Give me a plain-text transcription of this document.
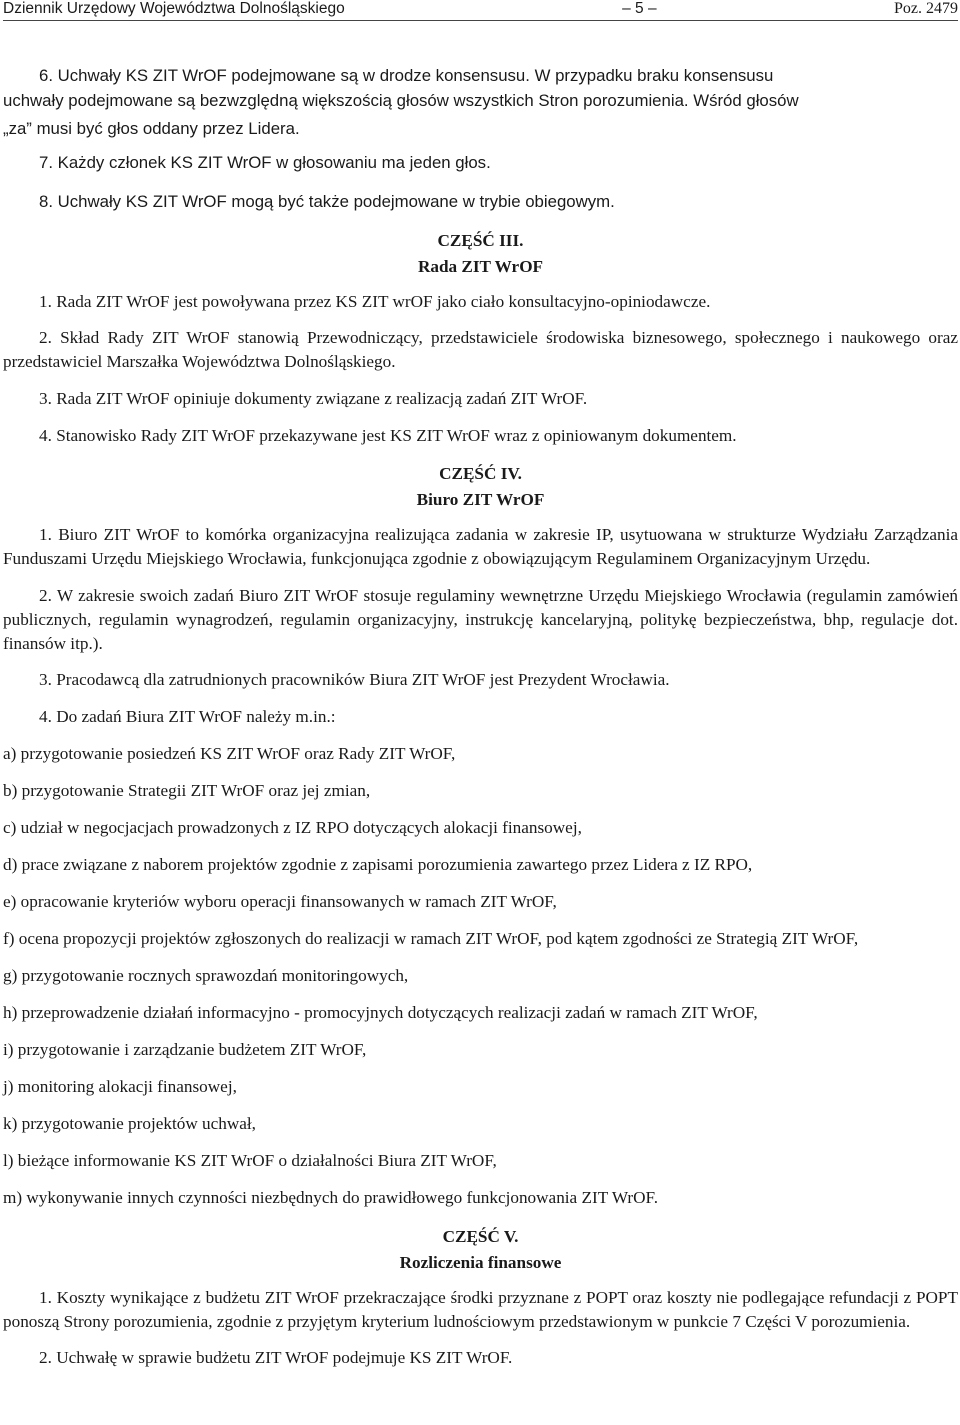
Dziennik Urzędowy Województwa Dolnośląskiego	– 5 –	Poz. 2479

6. Uchwały KS ZIT WrOF podejmowane są w drodze konsensusu. W przypadku braku konsensusu

uchwały podejmowane są bezwzględną większością głosów wszystkich Stron porozumienia. Wśród głosów

„za” musi być głos oddany przez Lidera.

7. Każdy członek KS ZIT WrOF w głosowaniu ma jeden głos.

8. Uchwały KS ZIT WrOF mogą być także podejmowane w trybie obiegowym.

CZĘŚĆ III.

Rada ZIT WrOF

1. Rada ZIT WrOF jest powoływana przez KS ZIT wrOF jako ciało konsultacyjno-opiniodawcze.

2. Skład Rady ZIT WrOF stanowią Przewodniczący, przedstawiciele środowiska biznesowego, społecznego i naukowego oraz przedstawiciel Marszałka Województwa Dolnośląskiego.

3. Rada ZIT WrOF opiniuje dokumenty związane z realizacją zadań ZIT WrOF.

4. Stanowisko Rady ZIT WrOF przekazywane jest KS ZIT WrOF wraz z opiniowanym dokumentem.

CZĘŚĆ IV.

Biuro ZIT WrOF

1. Biuro ZIT WrOF to komórka organizacyjna realizująca zadania w zakresie IP, usytuowana w strukturze Wydziału Zarządzania Funduszami Urzędu Miejskiego Wrocławia, funkcjonująca zgodnie z obowiązującym Regulaminem Organizacyjnym Urzędu.

2. W zakresie swoich zadań Biuro ZIT WrOF stosuje regulaminy wewnętrzne Urzędu Miejskiego Wrocławia (regulamin zamówień publicznych, regulamin wynagrodzeń, regulamin organizacyjny, instrukcję kancelaryjną, politykę bezpieczeństwa, bhp, regulacje dot. finansów itp.).

3. Pracodawcą dla zatrudnionych pracowników Biura ZIT WrOF jest Prezydent Wrocławia.

4. Do zadań Biura ZIT WrOF należy m.in.:

a) przygotowanie posiedzeń KS ZIT WrOF oraz Rady ZIT WrOF,

b) przygotowanie Strategii ZIT WrOF oraz jej zmian,

c) udział w negocjacjach prowadzonych z IZ RPO dotyczących alokacji finansowej,

d) prace związane z naborem projektów zgodnie z zapisami porozumienia zawartego przez Lidera z IZ RPO,

e) opracowanie kryteriów wyboru operacji finansowanych w ramach ZIT WrOF,

f) ocena propozycji projektów zgłoszonych do realizacji w ramach ZIT WrOF, pod kątem zgodności ze Strategią ZIT WrOF,

g) przygotowanie rocznych sprawozdań monitoringowych,

h) przeprowadzenie działań informacyjno - promocyjnych dotyczących realizacji zadań w ramach ZIT WrOF,

i) przygotowanie i zarządzanie budżetem ZIT WrOF,

j) monitoring alokacji finansowej,

k) przygotowanie projektów uchwał,

l) bieżące informowanie KS ZIT WrOF o działalności Biura ZIT WrOF,

m) wykonywanie innych czynności niezbędnych do prawidłowego funkcjonowania ZIT WrOF.

CZĘŚĆ V.

Rozliczenia finansowe

1. Koszty wynikające z budżetu ZIT WrOF przekraczające środki przyznane z POPT oraz koszty nie podlegające refundacji z POPT ponoszą Strony porozumienia, zgodnie z przyjętym kryterium ludnościowym przedstawionym w punkcie 7 Części V porozumienia.

2. Uchwałę w sprawie budżetu ZIT WrOF podejmuje KS ZIT WrOF.
